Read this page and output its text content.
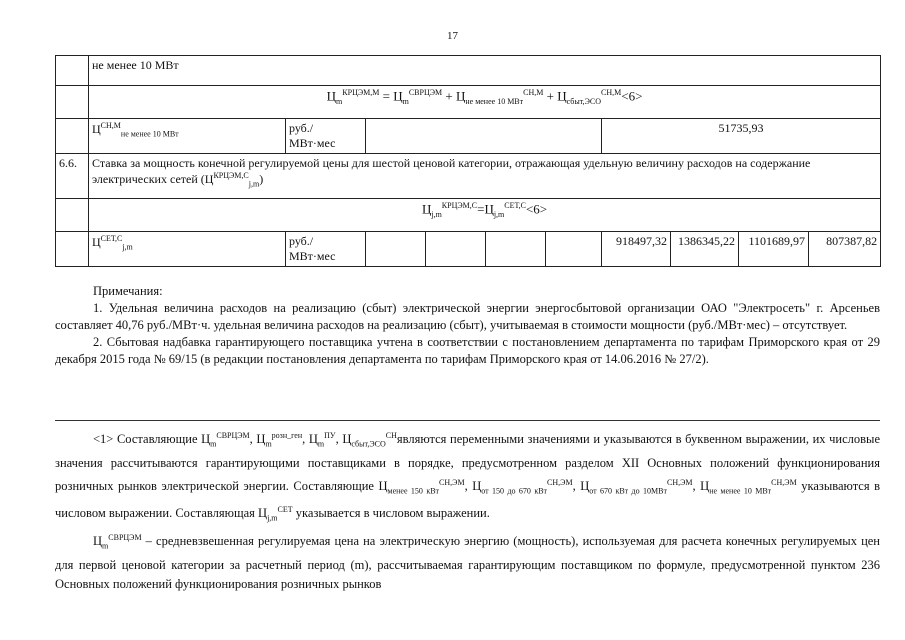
17
	не менее 10 МВт									
	$Ц_m^{КРЦЭМ,М} = Ц_m^{СВРЦЭМ} + Ц_{не менее 10 МВт}^{СН,М} + Ц_{сбыт,ЭСО}^{СН,М}<6>$									
	$Ц^{СН,М}_{не менее 10 МВт}$	руб./ МВт·мес					51735,93			
6.6.	Ставка за мощность конечной регулируемой цены для шестой ценовой категории, отражающая удельную величину расходов на содержание электрических сетей $(Ц^{КРЦЭМ,С}_{j,m})$									
	$Ц_{j,m}^{КРЦЭМ,С}=Ц_{j,m}^{СЕТ,С}<6>$									
	$Ц^{СЕТ,С}_{j,m}$	руб./ МВт·мес					918497,32	1386345,22	1101689,97	807387,82

Примечания:

1. Удельная величина расходов на реализацию (сбыт) электрической энергии энергосбытовой организации ОАО "Электросеть" г. Арсеньев составляет 40,76 руб./МВт·ч. удельная величина расходов на реализацию (сбыт), учитываемая в стоимости мощности (руб./МВт·мес) – отсутствует.

2. Сбытовая надбавка гарантирующего поставщика учтена в соответствии с постановлением департамента по тарифам Приморского края от 29 декабря 2015 года № 69/15 (в редакции постановления департамента по тарифам Приморского края от 14.06.2016 № 27/2).

<1> Составляющие $Ц_m^{СВРЦЭМ}$, $Ц_m^{розн\_ген}$, $Ц_m^{ПУ}$, $Ц_{сбыт,ЭСО}^{СН}являются$ переменными значениями и указываются в буквенном выражении, их числовые значения рассчитываются гарантирующими поставщиками в порядке, предусмотренном разделом XII Основных положений функционирования розничных рынков электрической энергии. Составляющие $Ц_{менее 150 кВт}^{СН,ЭМ}$, $Ц_{от 150 до 670 кВт}^{СН,ЭМ}$, $Ц_{от 670 кВт до 10МВт}^{СН,ЭМ}$, $Ц_{не менее 10 МВт}^{СН,ЭМ}$ указываются в числовом выражении. Составляющая $Ц_{j,m}^{СЕТ}$ указывается в числовом выражении.

$Ц_m^{СВРЦЭМ}$ – средневзвешенная регулируемая цена на электрическую энергию (мощность), используемая для расчета конечных регулируемых цен для первой ценовой категории за расчетный период (m), рассчитываемая гарантирующим поставщиком по формуле, предусмотренной пунктом 236 Основных положений функционирования розничных рынков
